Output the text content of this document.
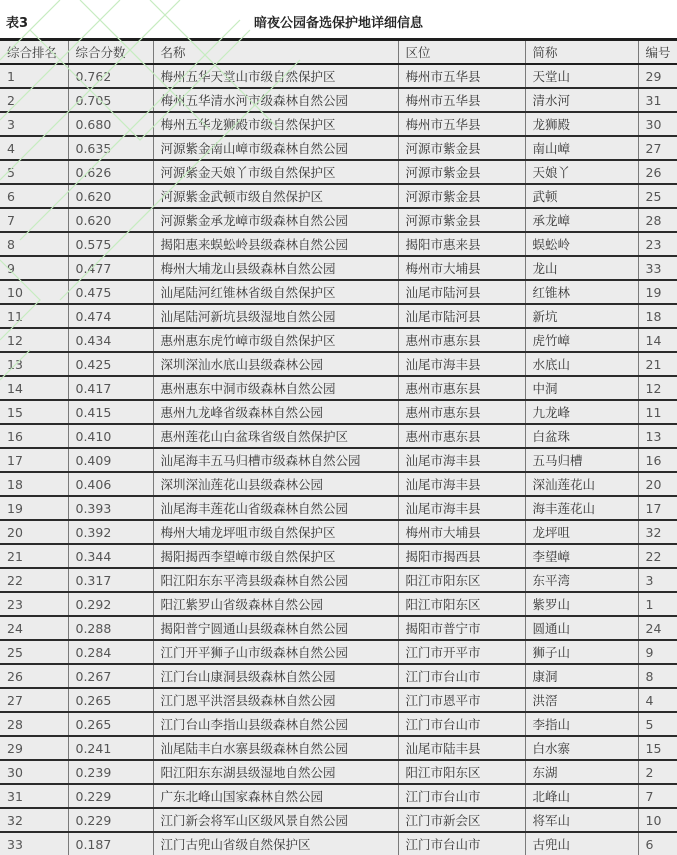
表3	暗夜公园备选保护地详细信息
综合排名	综合分数	名称	区位	简称	编号
1	0.762	梅州五华天堂山市级自然保护区	梅州市五华县	天堂山	29
2	0.705	梅州五华清水河市级森林自然公园	梅州市五华县	清水河	31
3	0.680	梅州五华龙狮殿市级自然保护区	梅州市五华县	龙狮殿	30
4	0.635	河源紫金南山嶂市级森林自然公园	河源市紫金县	南山嶂	27
5	0.626	河源紫金天娘丫市级自然保护区	河源市紫金县	天娘丫	26
6	0.620	河源紫金武顿市级自然保护区	河源市紫金县	武顿	25
7	0.620	河源紫金承龙嶂市级森林自然公园	河源市紫金县	承龙嶂	28
8	0.575	揭阳惠来蜈蚣岭县级森林自然公园	揭阳市惠来县	蜈蚣岭	23
9	0.477	梅州大埔龙山县级森林自然公园	梅州市大埔县	龙山	33
10	0.475	汕尾陆河红锥林省级自然保护区	汕尾市陆河县	红锥林	19
11	0.474	汕尾陆河新坑县级湿地自然公园	汕尾市陆河县	新坑	18
12	0.434	惠州惠东虎竹嶂市级自然保护区	惠州市惠东县	虎竹嶂	14
13	0.425	深圳深汕水底山县级森林公园	汕尾市海丰县	水底山	21
14	0.417	惠州惠东中洞市级森林自然公园	惠州市惠东县	中洞	12
15	0.415	惠州九龙峰省级森林自然公园	惠州市惠东县	九龙峰	11
16	0.410	惠州莲花山白盆珠省级自然保护区	惠州市惠东县	白盆珠	13
17	0.409	汕尾海丰五马归槽市级森林自然公园	汕尾市海丰县	五马归槽	16
18	0.406	深圳深汕莲花山县级森林公园	汕尾市海丰县	深汕莲花山	20
19	0.393	汕尾海丰莲花山省级森林自然公园	汕尾市海丰县	海丰莲花山	17
20	0.392	梅州大埔龙坪咀市级自然保护区	梅州市大埔县	龙坪咀	32
21	0.344	揭阳揭西李望嶂市级自然保护区	揭阳市揭西县	李望嶂	22
22	0.317	阳江阳东东平湾县级森林自然公园	阳江市阳东区	东平湾	3
23	0.292	阳江紫罗山省级森林自然公园	阳江市阳东区	紫罗山	1
24	0.288	揭阳普宁圆通山县级森林自然公园	揭阳市普宁市	圆通山	24
25	0.284	江门开平狮子山市级森林自然公园	江门市开平市	狮子山	9
26	0.267	江门台山康洞县级森林自然公园	江门市台山市	康洞	8
27	0.265	江门恩平洪滘县级森林自然公园	江门市恩平市	洪滘	4
28	0.265	江门台山李指山县级森林自然公园	江门市台山市	李指山	5
29	0.241	汕尾陆丰白水寨县级森林自然公园	汕尾市陆丰县	白水寨	15
30	0.239	阳江阳东东湖县级湿地自然公园	阳江市阳东区	东湖	2
31	0.229	广东北峰山国家森林自然公园	江门市台山市	北峰山	7
32	0.229	江门新会将军山区级风景自然公园	江门市新会区	将军山	10
33	0.187	江门古兜山省级自然保护区	江门市台山市	古兜山	6
